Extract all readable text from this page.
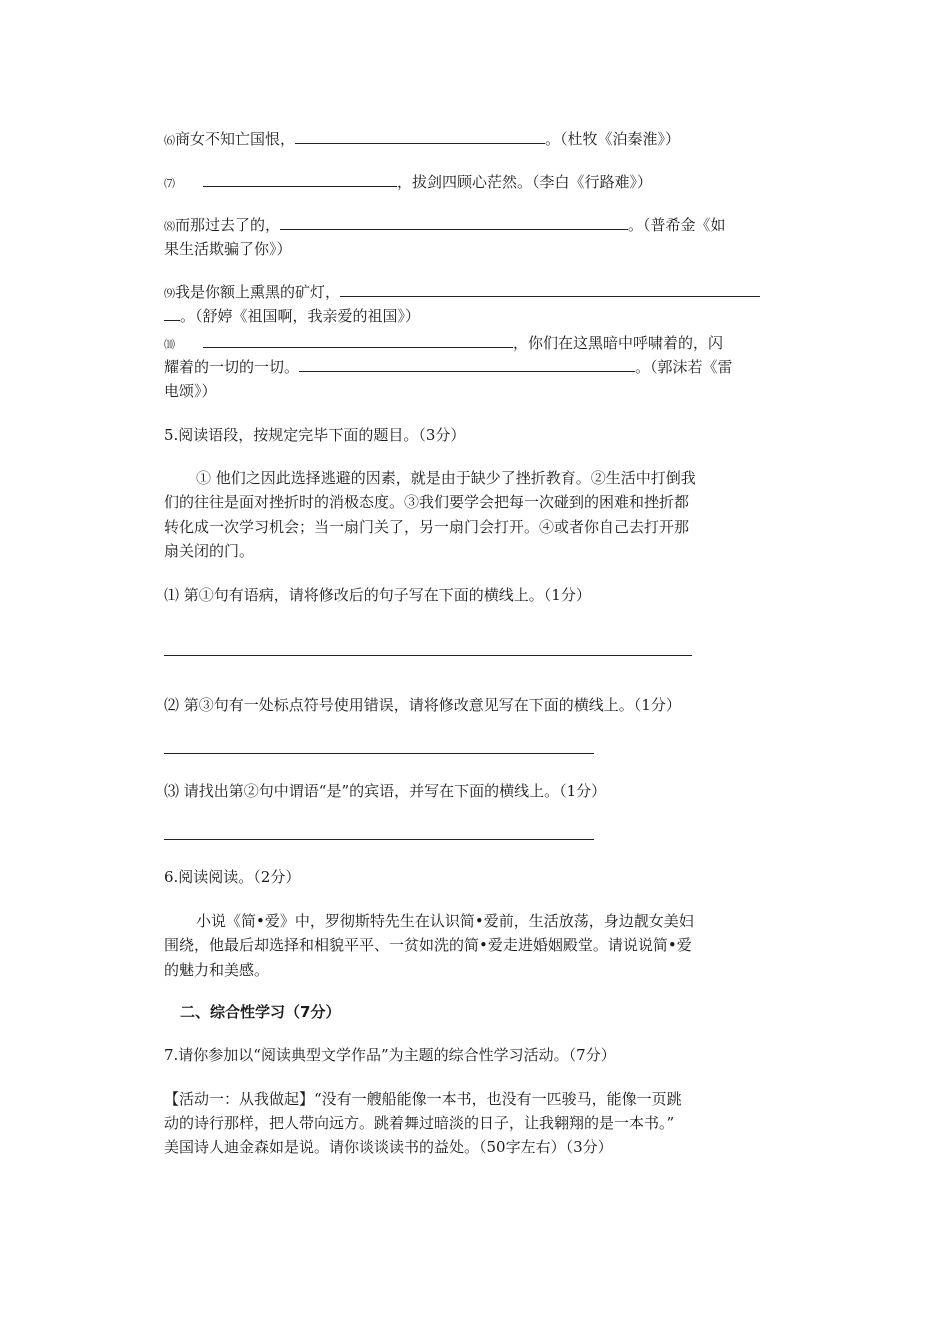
⑹商女不知亡国恨，	。（杜牧《泊秦淮》）
⑺	，拔剑四顾心茫然。（李白《行路难》）
⑻而那过去了的，	。（普希金《如
果生活欺骗了你》）
⑼我是你额上熏黑的矿灯，
。（舒婷《祖国啊，我亲爱的祖国》）
⑽	，你们在这黑暗中呼啸着的，闪
耀着的一切的一切。	。（郭沫若《雷
电颂》）
5.阅读语段，按规定完毕下面的题目。（3分）
① 他们之因此选择逃避的因素，就是由于缺少了挫折教育。②生活中打倒我
们的往往是面对挫折时的消极态度。③我们要学会把每一次碰到的困难和挫折都
转化成一次学习机会；当一扇门关了，另一扇门会打开。④或者你自己去打开那
扇关闭的门。
⑴ 第①句有语病，请将修改后的句子写在下面的横线上。（1分）
⑵ 第③句有一处标点符号使用错误，请将修改意见写在下面的横线上。（1分）
⑶ 请找出第②句中谓语“是”的宾语，并写在下面的横线上。（1分）
6.阅读阅读。（2分）
小说《简•爱》中，罗彻斯特先生在认识简•爱前，生活放荡，身边靓女美妇
围绕，他最后却选择和相貌平平、一贫如洗的简•爱走进婚姻殿堂。请说说简•爱
的魅力和美感。
二、综合性学习（7分）
7.请你参加以“阅读典型文学作品”为主题的综合性学习活动。（7分）
【活动一：从我做起】“没有一艘船能像一本书，也没有一匹骏马，能像一页跳
动的诗行那样，把人带向远方。跳着舞过暗淡的日子，让我翱翔的是一本书。”
美国诗人迪金森如是说。请你谈谈读书的益处。（50字左右）（3分）
